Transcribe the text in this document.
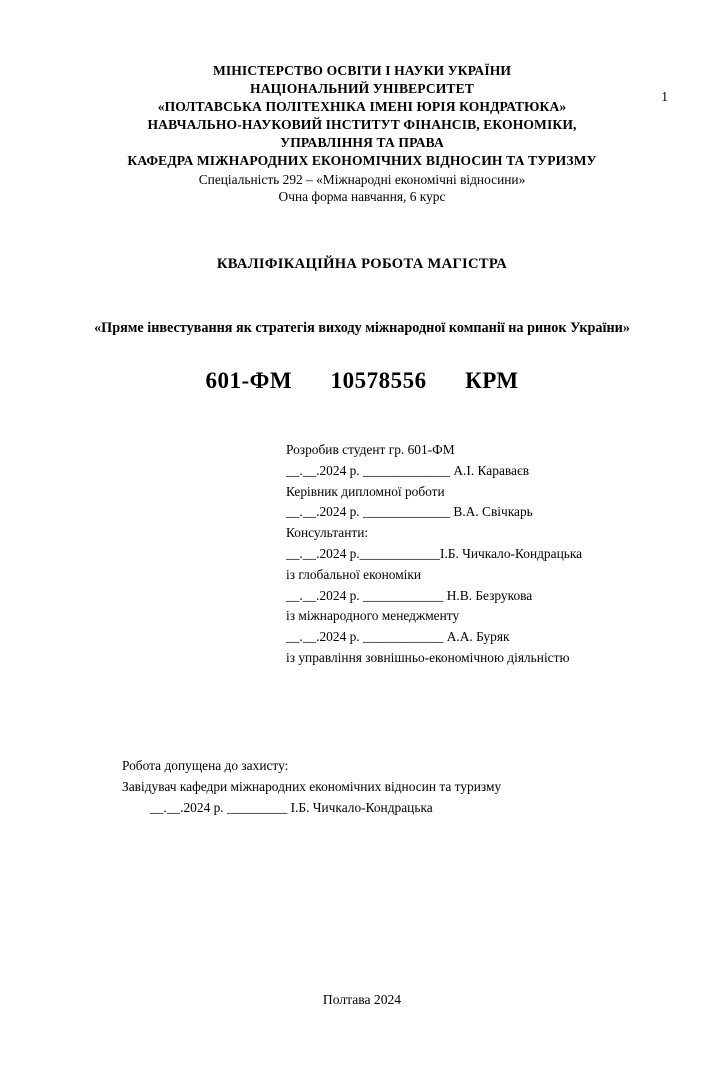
1
МІНІСТЕРСТВО ОСВІТИ І НАУКИ УКРАЇНИ
НАЦІОНАЛЬНИЙ УНІВЕРСИТЕТ
«ПОЛТАВСЬКА ПОЛІТЕХНІКА ІМЕНІ ЮРІЯ КОНДРАТЮКА»
НАВЧАЛЬНО-НАУКОВИЙ ІНСТИТУТ ФІНАНСІВ, ЕКОНОМІКИ,
УПРАВЛІННЯ ТА ПРАВА
КАФЕДРА МІЖНАРОДНИХ ЕКОНОМІЧНИХ ВІДНОСИН ТА ТУРИЗМУ
Спеціальність 292 – «Міжнародні економічні відносини»
Очна форма навчання, 6 курс
КВАЛІФІКАЦІЙНА РОБОТА МАГІСТРА
«Пряме інвестування як стратегія виходу міжнародної компанії на ринок України»
601-ФМ 10578556 КРМ
Розробив студент гр. 601-ФМ
__.__.2024 р. _____________ А.І. Караваєв
Керівник дипломної роботи
__.__.2024 р. _____________ В.А. Свічкарь
Консультанти:
__.__.2024 р.____________І.Б. Чичкало-Кондрацька
із глобальної економіки
__.__.2024 р. ____________ Н.В. Безрукова
із міжнародного менеджменту
__.__.2024 р. ____________ А.А. Буряк
із управління зовнішньо-економічною діяльністю
Робота допущена до захисту:
Завідувач кафедри міжнародних економічних відносин та туризму
__.__.2024 р. _________ І.Б. Чичкало-Кондрацька
Полтава 2024
